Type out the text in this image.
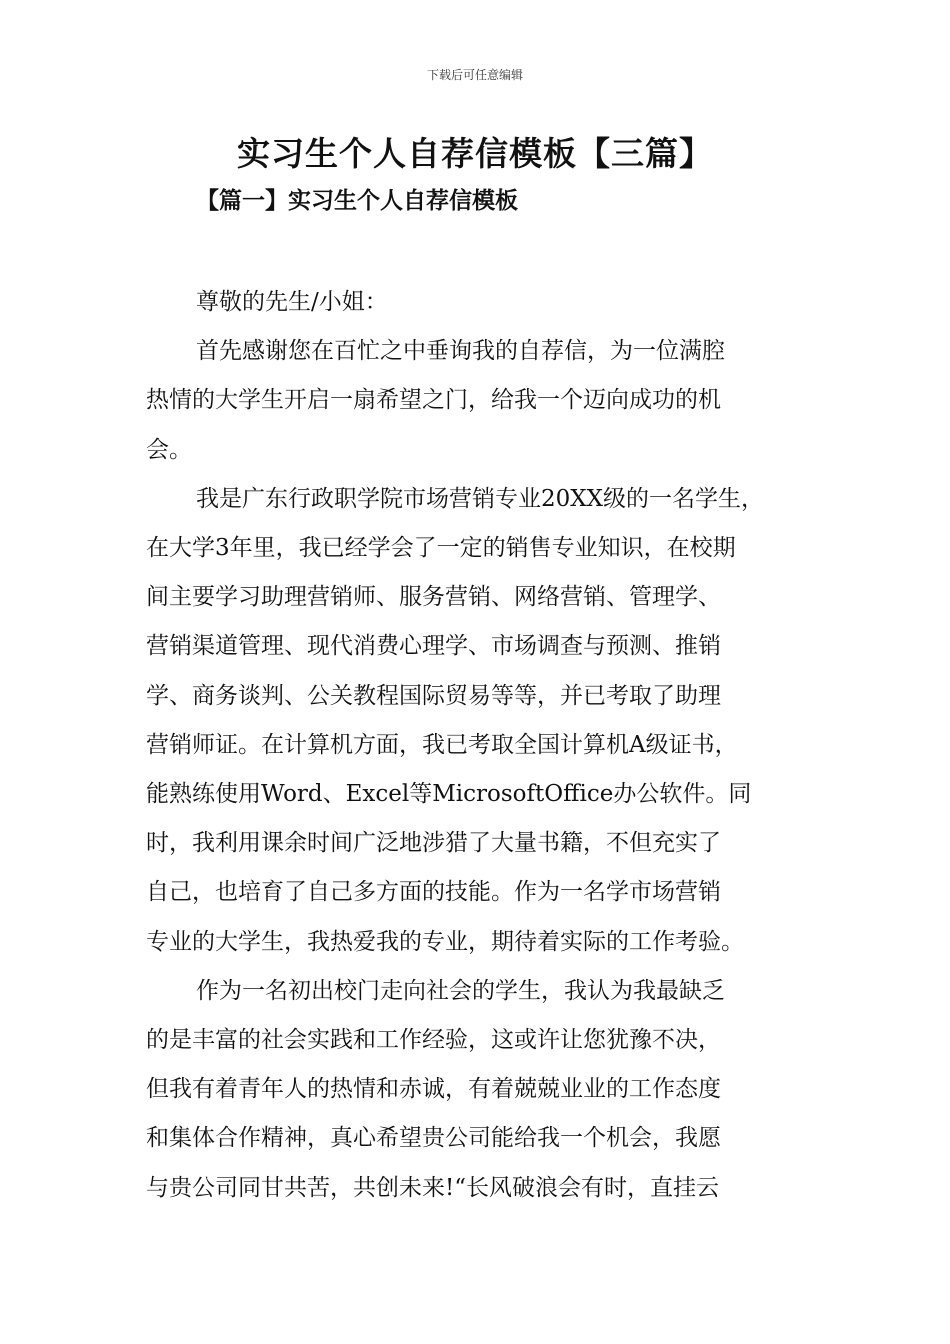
下载后可任意编辑
实习生个人自荐信模板【三篇】
【篇一】实习生个人自荐信模板

尊敬的先生/小姐：

首先感谢您在百忙之中垂询我的自荐信，为一位满腔

热情的大学生开启一扇希望之门，给我一个迈向成功的机

会。

我是广东行政职学院市场营销专业20XX级的一名学生，

在大学3年里，我已经学会了一定的销售专业知识，在校期

间主要学习助理营销师、服务营销、网络营销、管理学、

营销渠道管理、现代消费心理学、市场调查与预测、推销

学、商务谈判、公关教程国际贸易等等，并已考取了助理

营销师证。在计算机方面，我已考取全国计算机A级证书，

能熟练使用Word、Excel等MicrosoftOffice办公软件。同

时，我利用课余时间广泛地涉猎了大量书籍，不但充实了

自己，也培育了自己多方面的技能。作为一名学市场营销

专业的大学生，我热爱我的专业，期待着实际的工作考验。

作为一名初出校门走向社会的学生，我认为我最缺乏

的是丰富的社会实践和工作经验，这或许让您犹豫不决，

但我有着青年人的热情和赤诚，有着兢兢业业的工作态度

和集体合作精神，真心希望贵公司能给我一个机会，我愿

与贵公司同甘共苦，共创未来!“长风破浪会有时，直挂云
